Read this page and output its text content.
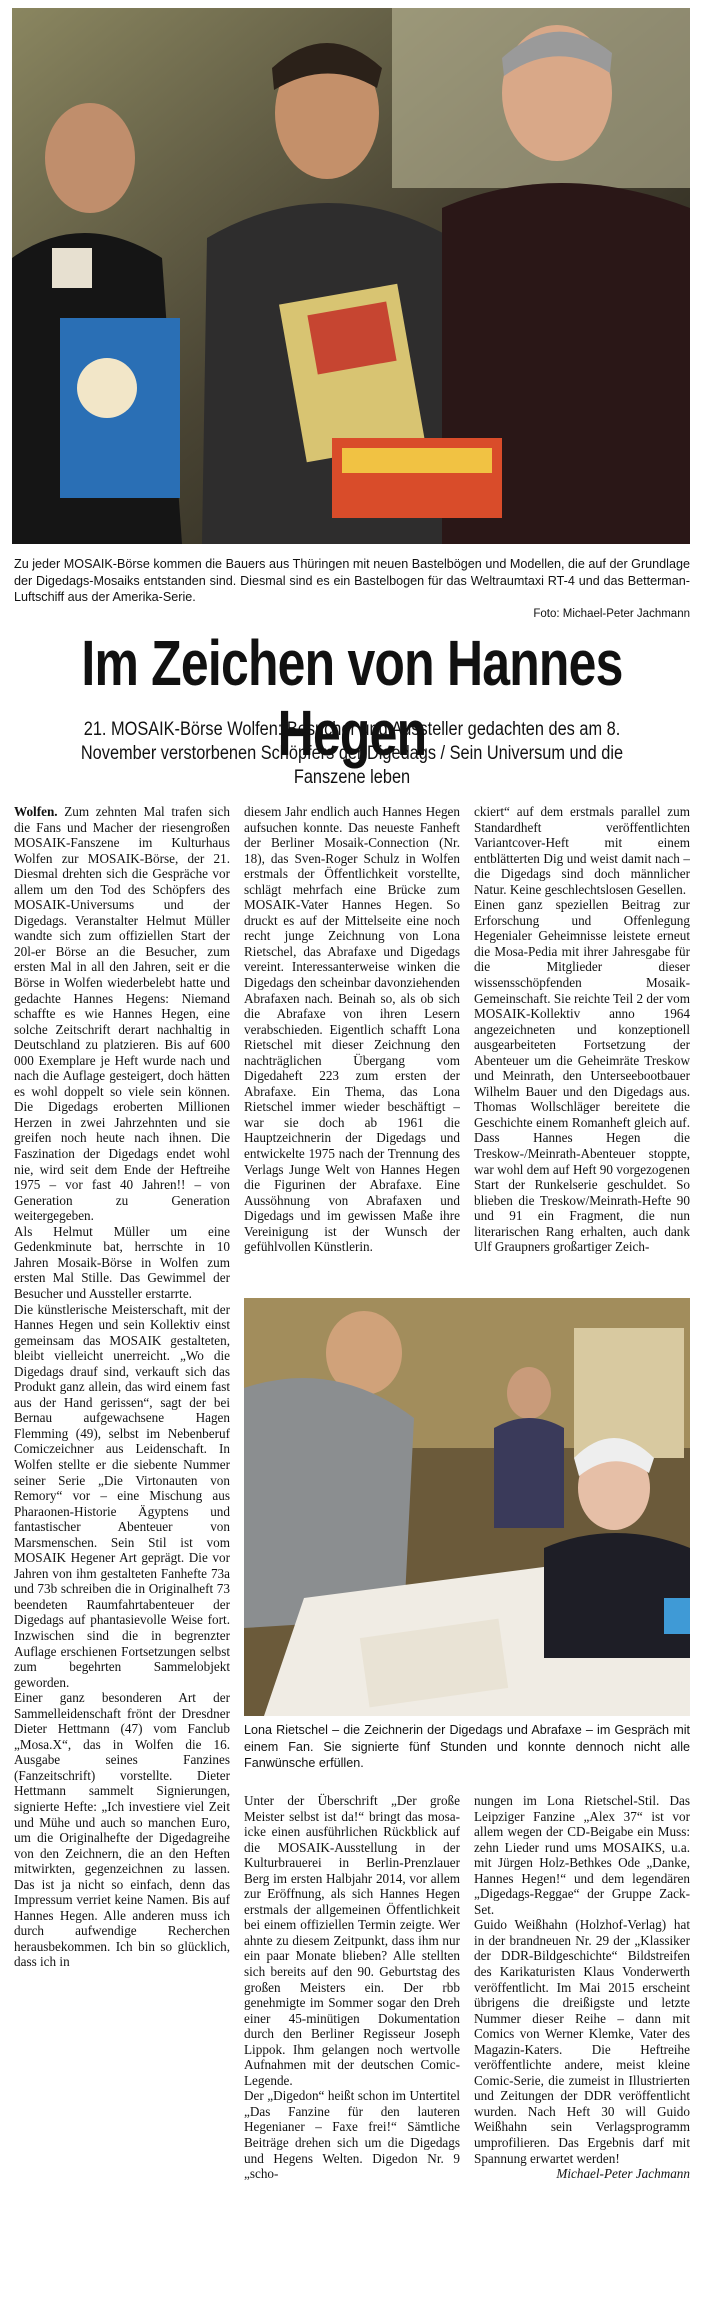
Zu jeder MOSAIK-Börse kommen die Bauers aus Thüringen mit neuen Bastelbögen und Modellen, die auf der Grundlage der Digedags-Mosaiks entstanden sind. Diesmal sind es ein Bastelbogen für das Weltraumtaxi RT-4 und das Betterman-Luftschiff aus der Amerika-Serie.
Foto: Michael-Peter Jachmann
Im Zeichen von Hannes Hegen
21. MOSAIK-Börse Wolfen: Besucher und Aussteller gedachten des am 8. November verstorbenen Schöpfers der Digedags / Sein Universum und die Fanszene leben

Wolfen. Zum zehnten Mal trafen sich die Fans und Macher der riesengroßen MOSAIK-Fanszene im Kulturhaus Wolfen zur MOSAIK-Börse, der 21. Diesmal drehten sich die Gespräche vor allem um den Tod des Schöpfers des MOSAIK-Universums und der Digedags. Veranstalter Helmut Müller wandte sich zum offiziellen Start der 20l-er Börse an die Besucher, zum ersten Mal in all den Jahren, seit er die Börse in Wolfen wiederbelebt hatte und gedachte Hannes Hegens: Niemand schaffte es wie Hannes Hegen, eine solche Zeitschrift derart nachhaltig in Deutschland zu platzieren. Bis auf 600 000 Exemplare je Heft wurde nach und nach die Auflage gesteigert, doch hätten es wohl doppelt so viele sein können. Die Digedags eroberten Millionen Herzen in zwei Jahrzehnten und sie greifen noch heute nach ihnen. Die Faszination der Digedags endet wohl nie, wird seit dem Ende der Heftreihe 1975 – vor fast 40 Jahren!! – von Generation zu Generation weitergegeben.

Als Helmut Müller um eine Gedenkminute bat, herrschte in 10 Jahren Mosaik-Börse in Wolfen zum ersten Mal Stille. Das Gewimmel der Besucher und Aussteller erstarrte.

Die künstlerische Meisterschaft, mit der Hannes Hegen und sein Kollektiv einst gemeinsam das MOSAIK gestalteten, bleibt vielleicht unerreicht. „Wo die Digedags drauf sind, verkauft sich das Produkt ganz allein, das wird einem fast aus der Hand gerissen“, sagt der bei Bernau aufgewachsene Hagen Flemming (49), selbst im Nebenberuf Comiczeichner aus Leidenschaft. In Wolfen stellte er die siebente Nummer seiner Serie „Die Virtonauten von Remory“ vor – eine Mischung aus Pharaonen-Historie Ägyptens und fantastischer Abenteuer von Marsmenschen. Sein Stil ist vom MOSAIK Hegener Art geprägt. Die vor Jahren von ihm gestalteten Fanhefte 73a und 73b schreiben die in Originalheft 73 beendeten Raumfahrtabenteuer der Digedags auf phantasievolle Weise fort. Inzwischen sind die in begrenzter Auflage erschienen Fortsetzungen selbst zum begehrten Sammelobjekt geworden.

Einer ganz besonderen Art der Sammelleidenschaft frönt der Dresdner Dieter Hettmann (47) vom Fanclub „Mosa.X“, das in Wolfen die 16. Ausgabe seines Fanzines (Fanzeitschrift) vorstellte. Dieter Hettmann sammelt Signierungen, signierte Hefte: „Ich investiere viel Zeit und Mühe und auch so manchen Euro, um die Originalhefte der Digedagreihe von den Zeichnern, die an den Heften mitwirkten, gegenzeichnen zu lassen. Das ist ja nicht so einfach, denn das Impressum verriet keine Namen. Bis auf Hannes Hegen. Alle anderen muss ich durch aufwendige Recherchen herausbekommen. Ich bin so glücklich, dass ich in

diesem Jahr endlich auch Hannes Hegen aufsuchen konnte. Das neueste Fanheft der Berliner Mosaik-Connection (Nr. 18), das Sven-Roger Schulz in Wolfen erstmals der Öffentlichkeit vorstellte, schlägt mehrfach eine Brücke zum MOSAIK-Vater Hannes Hegen. So druckt es auf der Mittelseite eine noch recht junge Zeichnung von Lona Rietschel, das Abrafaxe und Digedags vereint. Interessanterweise winken die Digedags den scheinbar davonziehenden Abrafaxen nach. Beinah so, als ob sich die Abrafaxe von ihren Lesern verabschieden. Eigentlich schafft Lona Rietschel mit dieser Zeichnung den nachträglichen Übergang vom Digedaheft 223 zum ersten der Abrafaxe. Ein Thema, das Lona Rietschel immer wieder beschäftigt – war sie doch ab 1961 die Hauptzeichnerin der Digedags und entwickelte 1975 nach der Trennung des Verlags Junge Welt von Hannes Hegen die Figurinen der Abrafaxe. Eine Aussöhnung von Abrafaxen und Digedags und im gewissen Maße ihre Vereinigung ist der Wunsch der gefühlvollen Künstlerin.

ckiert“ auf dem erstmals parallel zum Standardheft veröffentlichten Variantcover-Heft mit einem entblätterten Dig und weist damit nach – die Digedags sind doch männlicher Natur. Keine geschlechtslosen Gesellen.

Einen ganz speziellen Beitrag zur Erforschung und Offenlegung Hegenialer Geheimnisse leistete erneut die Mosa-Pedia mit ihrer Jahresgabe für die Mitglieder dieser wissensschöpfenden Mosaik-Gemeinschaft. Sie reichte Teil 2 der vom MOSAIK-Kollektiv anno 1964 angezeichneten und konzeptionell ausgearbeiteten Fortsetzung der Abenteuer um die Geheimräte Treskow und Meinrath, den Unterseebootbauer Wilhelm Bauer und den Digedags aus. Thomas Wollschläger bereitete die Geschichte einem Romanheft gleich auf. Dass Hannes Hegen die Treskow-/Meinrath-Abenteuer stoppte, war wohl dem auf Heft 90 vorgezogenen Start der Runkelserie geschuldet. So blieben die Treskow/Meinrath-Hefte 90 und 91 ein Fragment, die nun literarischen Rang erhalten, auch dank Ulf Graupners großartiger Zeich-

Lona Rietschel – die Zeichnerin der Digedags und Abrafaxe – im Gespräch mit einem Fan. Sie signierte fünf Stunden und konnte dennoch nicht alle Fanwünsche erfüllen.

Unter der Überschrift „Der große Meister selbst ist da!“ bringt das mosa-icke einen ausführlichen Rückblick auf die MOSAIK-Ausstellung in der Kulturbrauerei in Berlin-Prenzlauer Berg im ersten Halbjahr 2014, vor allem zur Eröffnung, als sich Hannes Hegen erstmals der allgemeinen Öffentlichkeit bei einem offiziellen Termin zeigte. Wer ahnte zu diesem Zeitpunkt, dass ihm nur ein paar Monate blieben? Alle stellten sich bereits auf den 90. Geburtstag des großen Meisters ein. Der rbb genehmigte im Sommer sogar den Dreh einer 45-minütigen Dokumentation durch den Berliner Regisseur Joseph Lippok. Ihm gelangen noch wertvolle Aufnahmen mit der deutschen Comic-Legende.

Der „Digedon“ heißt schon im Untertitel „Das Fanzine für den lauteren Hegenianer – Faxe frei!“ Sämtliche Beiträge drehen sich um die Digedags und Hegens Welten. Digedon Nr. 9 „scho-

nungen im Lona Rietschel-Stil. Das Leipziger Fanzine „Alex 37“ ist vor allem wegen der CD-Beigabe ein Muss: zehn Lieder rund ums MOSAIKS, u.a. mit Jürgen Holz-Bethkes Ode „Danke, Hannes Hegen!“ und dem legendären „Digedags-Reggae“ der Gruppe Zack-Set.

Guido Weißhahn (Holzhof-Verlag) hat in der brandneuen Nr. 29 der „Klassiker der DDR-Bildgeschichte“ Bildstreifen des Karikaturisten Klaus Vonderwerth veröffentlicht. Im Mai 2015 erscheint übrigens die dreißigste und letzte Nummer dieser Reihe – dann mit Comics von Werner Klemke, Vater des Magazin-Katers. Die Heftreihe veröffentlichte andere, meist kleine Comic-Serie, die zumeist in Illustrierten und Zeitungen der DDR veröffentlicht wurden. Nach Heft 30 will Guido Weißhahn sein Verlagsprogramm umprofilieren. Das Ergebnis darf mit Spannung erwartet werden!

Michael-Peter Jachmann
